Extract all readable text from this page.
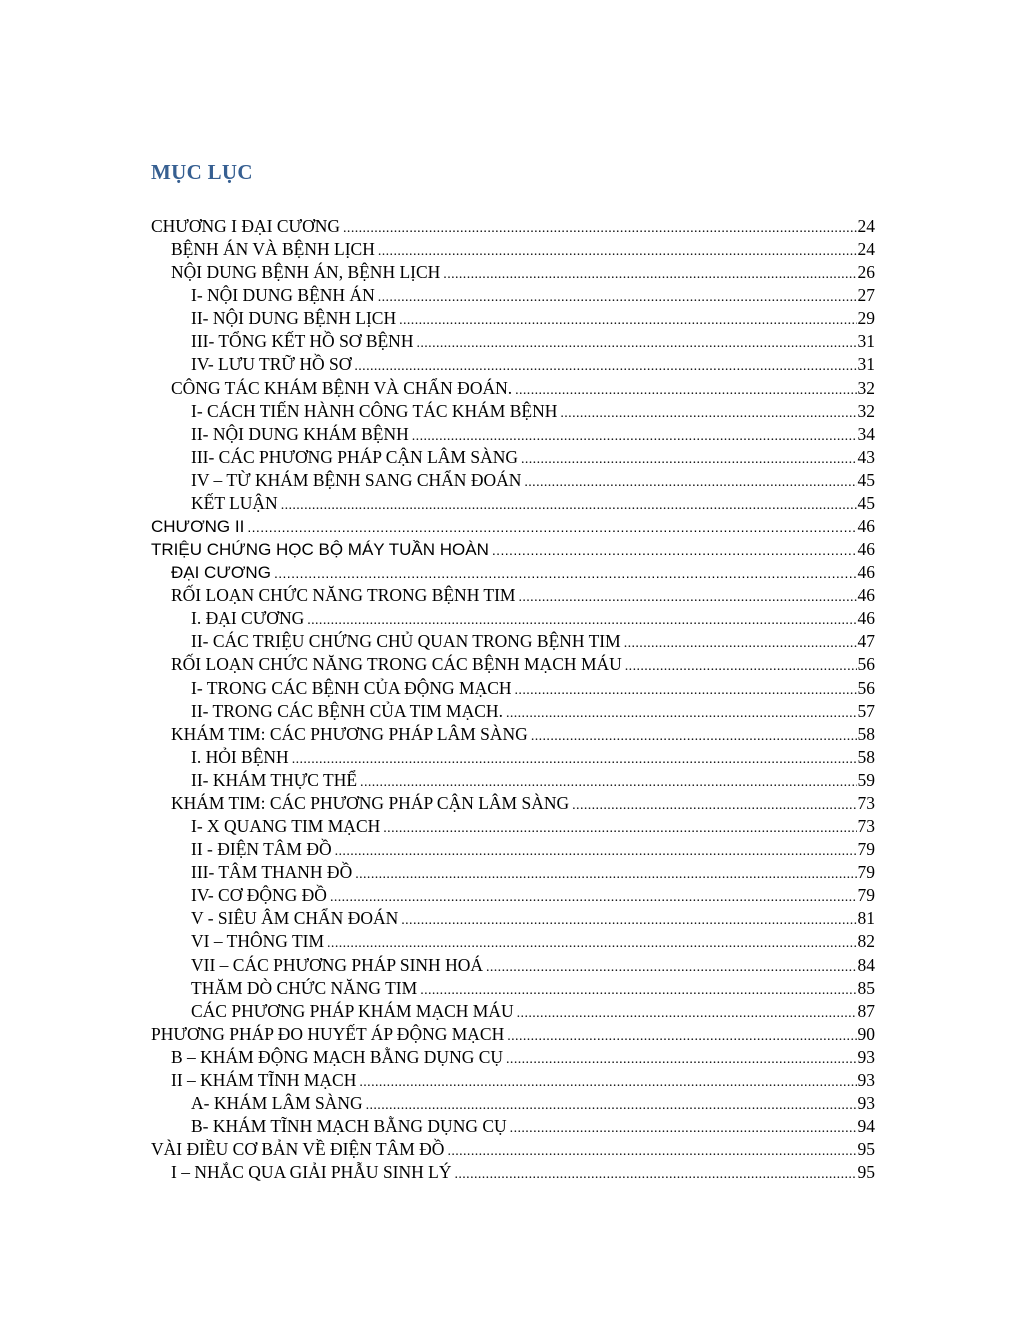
MỤC LỤC
CHƯƠNG I ĐẠI CƯƠNG .....	24
BỆNH ÁN VÀ BỆNH LỊCH .....	24
NỘI DUNG BỆNH ÁN, BỆNH LỊCH .....	26
I- NỘI DUNG BỆNH ÁN .....	27
II- NỘI DUNG BỆNH LỊCH .....	29
III- TỔNG KẾT HỒ SƠ BỆNH .....	31
IV- LƯU TRỮ HỒ SƠ .....	31
CÔNG TÁC KHÁM BỆNH VÀ CHẨN ĐOÁN. .....	32
I- CÁCH TIẾN HÀNH CÔNG TÁC KHÁM BỆNH .....	32
II- NỘI DUNG KHÁM BỆNH .....	34
III- CÁC PHƯƠNG PHÁP CẬN LÂM SÀNG .....	43
IV – TỪ KHÁM BỆNH SANG CHẨN ĐOÁN .....	45
KẾT LUẬN .....	45
CHƯƠNG II .....	46
TRIỆU CHỨNG HỌC BỘ MÁY TUẦN HOÀN .....	46
ĐẠI CƯƠNG .....	46
RỐI LOẠN CHỨC NĂNG TRONG BỆNH TIM .....	46
I. ĐẠI CƯƠNG .....	46
II- CÁC TRIỆU CHỨNG CHỦ QUAN TRONG BỆNH TIM .....	47
RỐI LOẠN CHỨC NĂNG TRONG CÁC BỆNH MẠCH MÁU .....	56
I- TRONG CÁC BỆNH CỦA ĐỘNG MẠCH .....	56
II- TRONG CÁC BỆNH CỦA TIM MẠCH. .....	57
KHÁM TIM: CÁC PHƯƠNG PHÁP LÂM SÀNG .....	58
I. HỎI BỆNH .....	58
II- KHÁM THỰC THỂ .....	59
KHÁM TIM: CÁC PHƯƠNG PHÁP CẬN LÂM SÀNG .....	73
I- X QUANG TIM MẠCH .....	73
II - ĐIỆN TÂM ĐỒ .....	79
III- TÂM THANH ĐỒ .....	79
IV- CƠ ĐỘNG ĐỒ .....	79
V - SIÊU ÂM CHẨN ĐOÁN .....	81
VI – THÔNG TIM .....	82
VII – CÁC PHƯƠNG PHÁP SINH HOÁ .....	84
THĂM DÒ CHỨC NĂNG TIM .....	85
CÁC PHƯƠNG PHÁP KHÁM MẠCH MÁU .....	87
PHƯƠNG PHÁP ĐO HUYẾT ÁP ĐỘNG MẠCH .....	90
B – KHÁM ĐỘNG MẠCH BẰNG DỤNG CỤ .....	93
II – KHÁM TĨNH MẠCH .....	93
A- KHÁM LÂM SÀNG .....	93
B- KHÁM TĨNH MẠCH BẰNG DỤNG CỤ .....	94
VÀI ĐIỀU CƠ BẢN VỀ ĐIỆN TÂM ĐỒ .....	95
I – NHẮC QUA GIẢI PHẪU SINH LÝ .....	95
